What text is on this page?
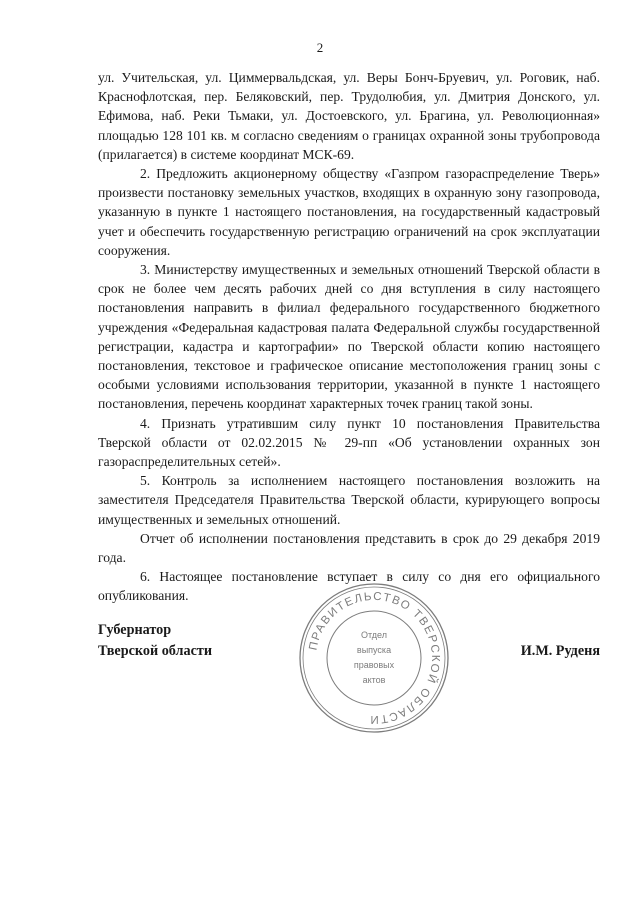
2

ул. Учительская, ул. Циммервальдская, ул. Веры Бонч-Бруевич, ул. Роговик, наб. Краснофлотская, пер. Беляковский, пер. Трудолюбия, ул. Дмитрия Донского, ул. Ефимова, наб. Реки Тьмаки, ул. Достоевского, ул. Брагина, ул. Революционная» площадью 128 101 кв. м согласно сведениям о границах охранной зоны трубопровода (прилагается) в системе координат МСК-69.

2. Предложить акционерному обществу «Газпром газораспределение Тверь» произвести постановку земельных участков, входящих в охранную зону газопровода, указанную в пункте 1 настоящего постановления, на государственный кадастровый учет и обеспечить государственную регистрацию ограничений на срок эксплуатации сооружения.

3. Министерству имущественных и земельных отношений Тверской области в срок не более чем десять рабочих дней со дня вступления в силу настоящего постановления направить в филиал федерального государственного бюджетного учреждения «Федеральная кадастровая палата Федеральной службы государственной регистрации, кадастра и картографии» по Тверской области копию настоящего постановления, текстовое и графическое описание местоположения границ зоны с особыми условиями использования территории, указанной в пункте 1 настоящего постановления, перечень координат характерных точек границ такой зоны.

4. Признать утратившим силу пункт 10 постановления Правительства Тверской области от 02.02.2015 № 29-пп «Об установлении охранных зон газораспределительных сетей».

5. Контроль за исполнением настоящего постановления возложить на заместителя Председателя Правительства Тверской области, курирующего вопросы имущественных и земельных отношений.

Отчет об исполнении постановления представить в срок до 29 декабря 2019 года.

6. Настоящее постановление вступает в силу со дня его официального опубликования.

ПРАВИТЕЛЬСТВО ТВЕРСКОЙ ОБЛАСТИ
Отдел
выпуска
правовых
актов
Губернатор
Тверской области	И.М. Руденя
